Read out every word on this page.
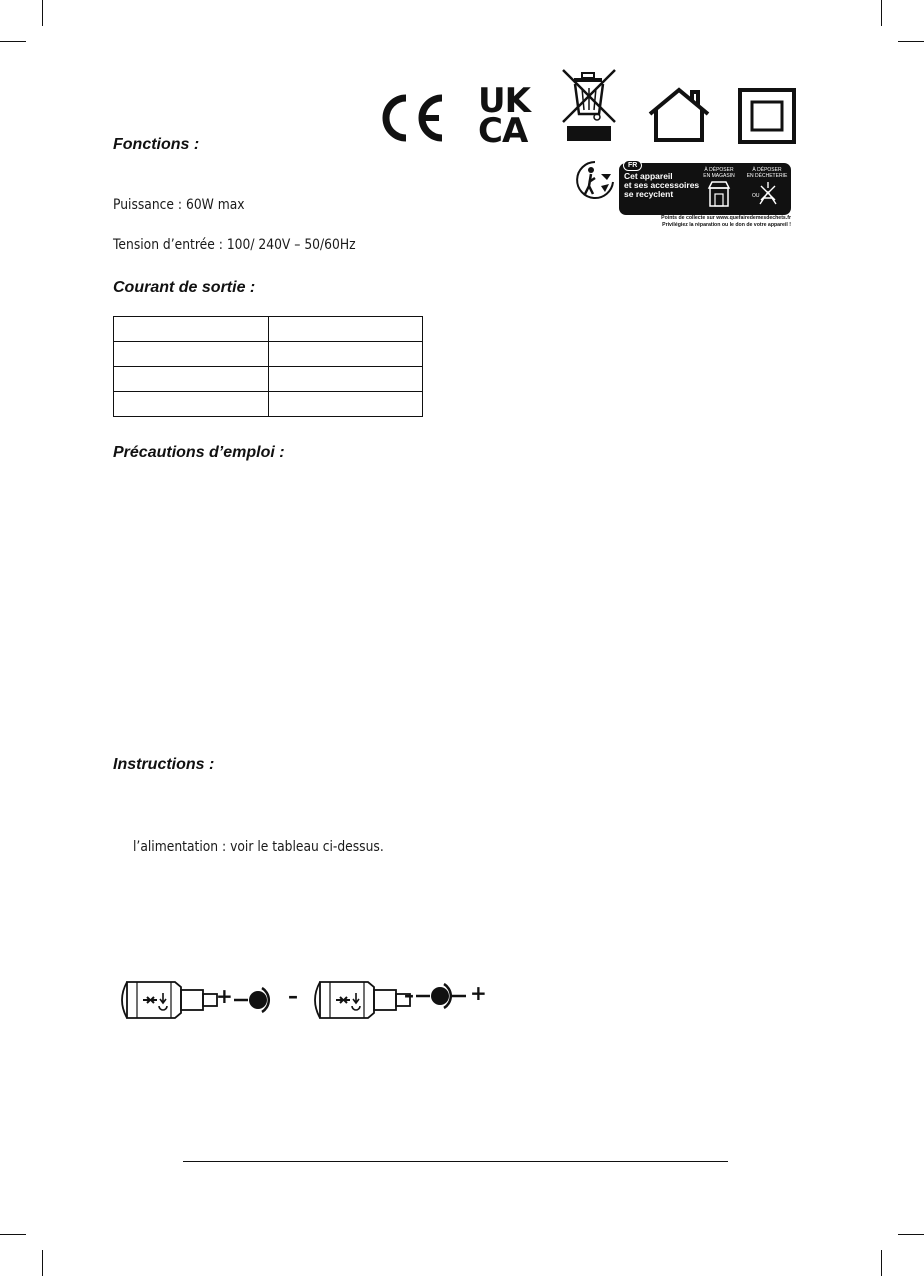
UK
CA
FR
Cet appareil
et ses accessoires
se recyclent
À DÉPOSER
EN MAGASIN
OU
À DÉPOSER
EN DÉCHETERIE
Points de collecte sur www.quefairedemesdechets.fr
Privilégiez la réparation ou le don de votre appareil !
Fonctions :
Puissance : 60W max
Tension d’entrée : 100/ 240V – 50/60Hz
Courant de sortie :

Précautions d’emploi :
Instructions :
l’alimentation : voir le tableau ci-dessus.
+	–	–	+
